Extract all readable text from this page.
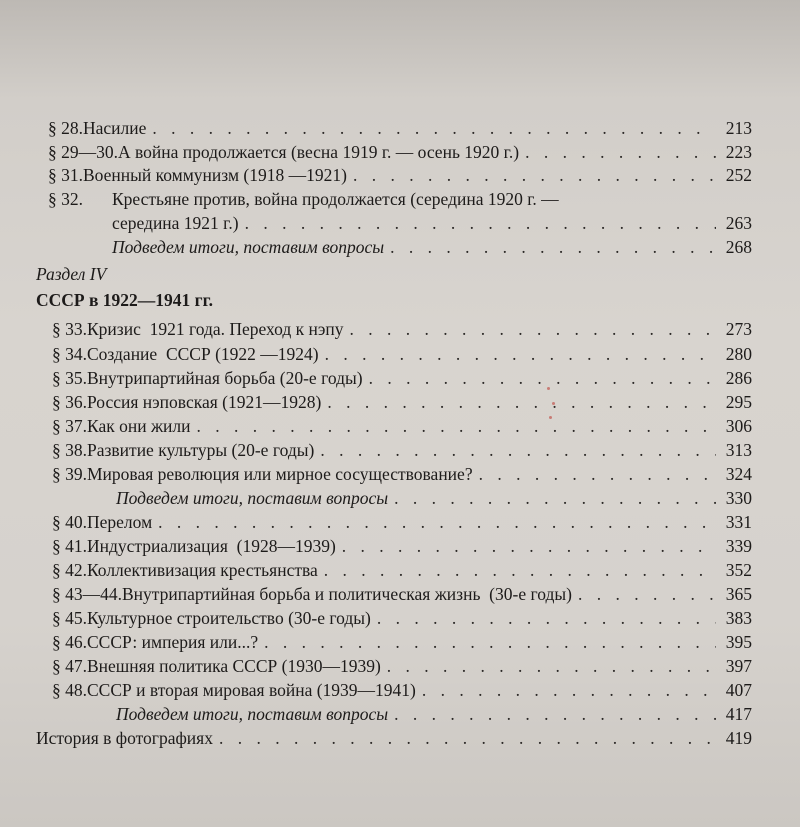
§ 28. Насилие . . .	213
§ 29—30. А война продолжается (весна 1919 г. — осень 1920 г.) . . .	223
§ 31. Военный коммунизм (1918 —1921) . . .	252
§ 32.	Крестьяне против, война продолжается (середина 1920 г. —
середина 1921 г.) . . .	263
Подведем итоги, поставим вопросы . . .	268
Раздел IV
СССР в 1922—1941 гг.
§ 33. Кризис  1921 года. Переход к нэпу . . .	273
§ 34. Создание  СССР (1922 —1924) . . .	280
§ 35. Внутрипартийная борьба (20-е годы) . . .	286
§ 36. Россия нэповская (1921—1928) . . .	295
§ 37. Как они жили . . .	306
§ 38. Развитие культуры (20-е годы) . . .	313
§ 39. Мировая революция или мирное сосуществование? . . .	324
Подведем итоги, поставим вопросы . . .	330
§ 40. Перелом . . .	331
§ 41. Индустриализация  (1928—1939) . . .	339
§ 42. Коллективизация крестьянства . . .	352
§ 43—44. Внутрипартийная борьба и политическая жизнь  (30-е годы) . . .	365
§ 45. Культурное строительство (30-е годы) . . .	383
§ 46. СССР: империя или...? . . .	395
§ 47. Внешняя политика СССР (1930—1939) . . .	397
§ 48. СССР и вторая мировая война (1939—1941) . . .	407
Подведем итоги, поставим вопросы . . .	417
История в фотографиях . . .	419
